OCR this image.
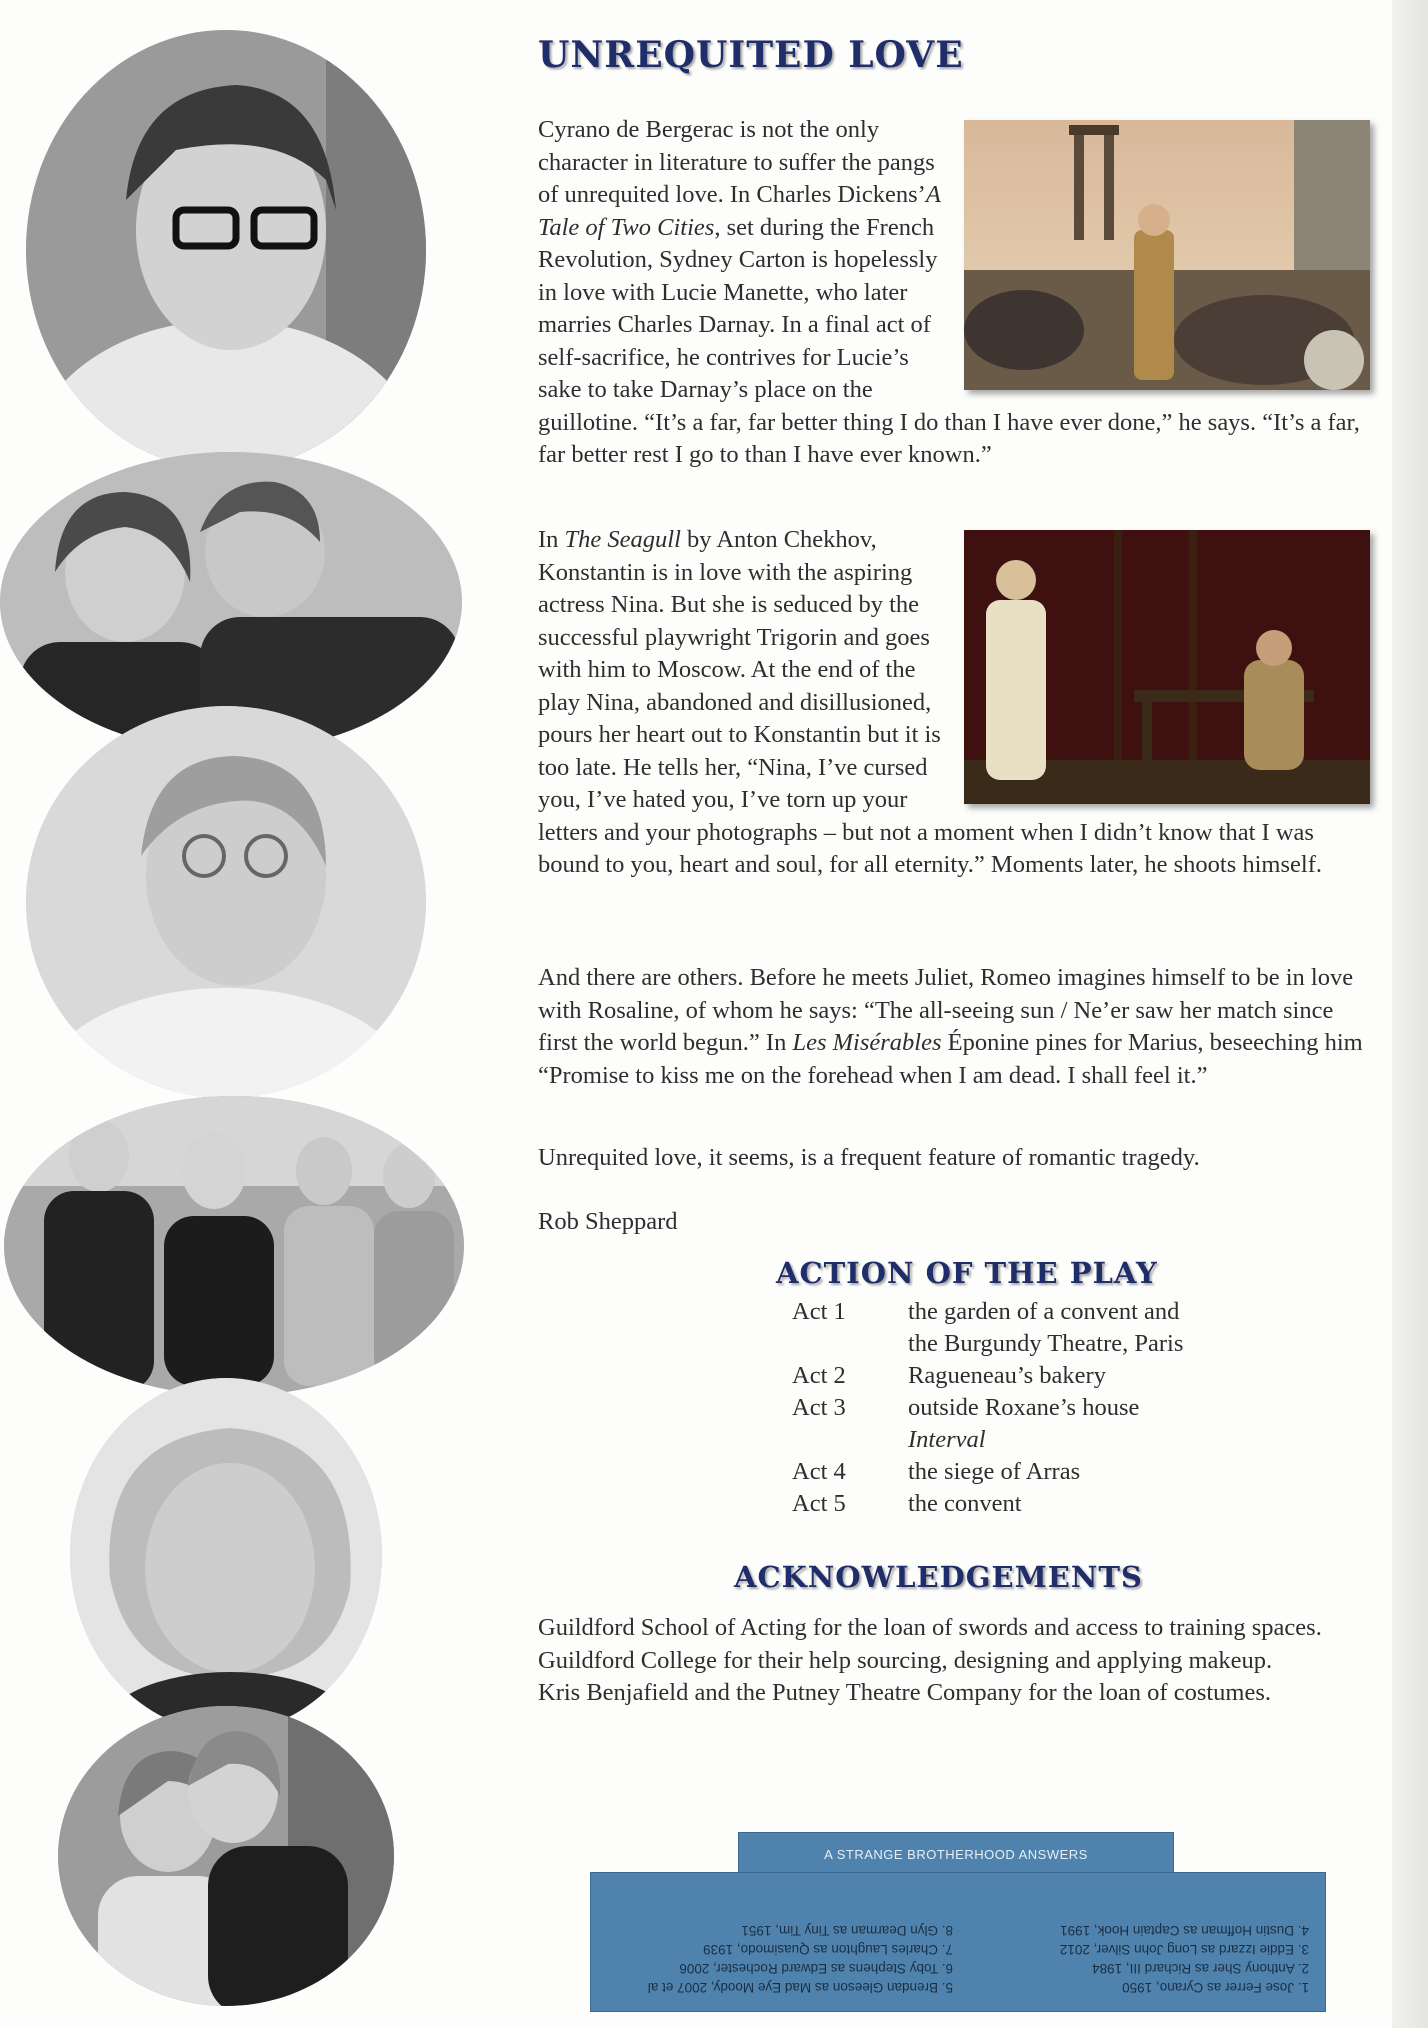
UNREQUITED LOVE

Cyrano de Bergerac is not the only character in literature to suffer the pangs of unrequited love. In Charles Dickens’A Tale of Two Cities, set during the French Revolution, Sydney Carton is hopelessly in love with Lucie Manette, who later marries Charles Darnay. In a final act of self-sacrifice, he contrives for Lucie’s sake to take Darnay’s place on the guillotine. “It’s a far, far better thing I do than I have ever done,” he says. “It’s a far, far better rest I go to than I have ever known.”

In The Seagull by Anton Chekhov, Konstantin is in love with the aspiring actress Nina. But she is seduced by the successful playwright Trigorin and goes with him to Moscow. At the end of the play Nina, abandoned and disillusioned, pours her heart out to Konstantin but it is too late. He tells her, “Nina, I’ve cursed you, I’ve hated you, I’ve torn up your letters and your photographs – but not a moment when I didn’t know that I was bound to you, heart and soul, for all eternity.” Moments later, he shoots himself.

And there are others. Before he meets Juliet, Romeo imagines himself to be in love with Rosaline, of whom he says: “The all-seeing sun / Ne’er saw her match since first the world begun.” In Les Misérables Éponine pines for Marius, beseeching him “Promise to kiss me on the forehead when I am dead. I shall feel it.”

Unrequited love, it seems, is a frequent feature of romantic tragedy.

Rob Sheppard

ACTION OF THE PLAY
Act 1	the garden of a convent and
	the Burgundy Theatre, Paris
Act 2	Ragueneau’s bakery
Act 3	outside Roxane’s house
	Interval
Act 4	the siege of Arras
Act 5	the convent
ACKNOWLEDGEMENTS

Guildford School of Acting for the loan of swords and access to training spaces.
Guildford College for their help sourcing, designing and applying makeup.
Kris Benjafield and the Putney Theatre Company for the loan of costumes.

A STRANGE BROTHERHOOD ANSWERS
1. Jose Ferrer as Cyrano, 1950
2. Anthony Sher as Richard III, 1984
3. Eddie Izzard as Long John Silver, 2012
4. Dustin Hoffman as Captain Hook, 1991
5. Brendan Gleeson as Mad Eye Moody, 2007 et al
6. Toby Stephens as Edward Rochester, 2006
7. Charles Laughton as Quasimodo, 1939
8. Glyn Dearman as Tiny Tim, 1951
